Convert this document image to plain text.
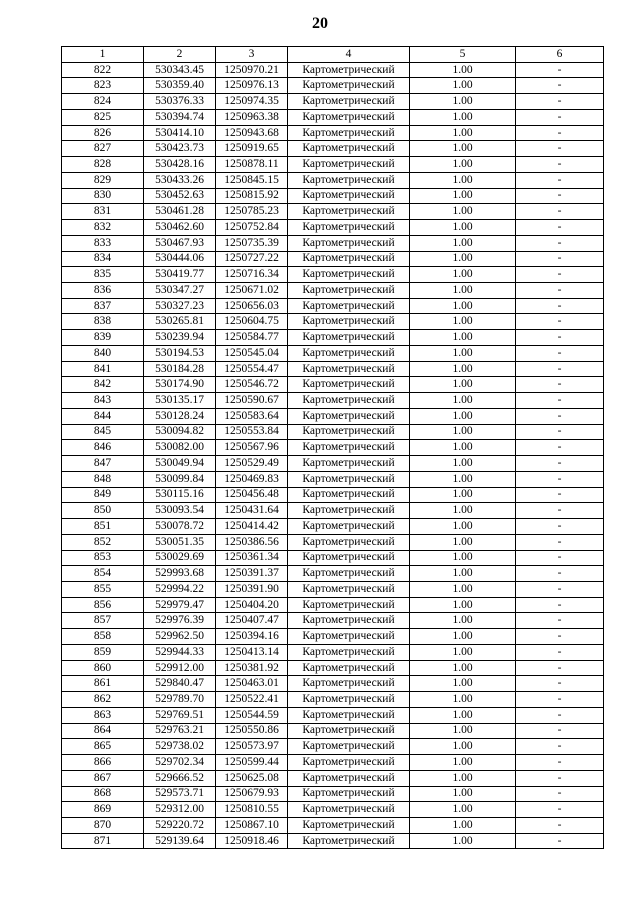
20
1	2	3	4	5	6
822	530343.45	1250970.21	Картометрический	1.00	-
823	530359.40	1250976.13	Картометрический	1.00	-
824	530376.33	1250974.35	Картометрический	1.00	-
825	530394.74	1250963.38	Картометрический	1.00	-
826	530414.10	1250943.68	Картометрический	1.00	-
827	530423.73	1250919.65	Картометрический	1.00	-
828	530428.16	1250878.11	Картометрический	1.00	-
829	530433.26	1250845.15	Картометрический	1.00	-
830	530452.63	1250815.92	Картометрический	1.00	-
831	530461.28	1250785.23	Картометрический	1.00	-
832	530462.60	1250752.84	Картометрический	1.00	-
833	530467.93	1250735.39	Картометрический	1.00	-
834	530444.06	1250727.22	Картометрический	1.00	-
835	530419.77	1250716.34	Картометрический	1.00	-
836	530347.27	1250671.02	Картометрический	1.00	-
837	530327.23	1250656.03	Картометрический	1.00	-
838	530265.81	1250604.75	Картометрический	1.00	-
839	530239.94	1250584.77	Картометрический	1.00	-
840	530194.53	1250545.04	Картометрический	1.00	-
841	530184.28	1250554.47	Картометрический	1.00	-
842	530174.90	1250546.72	Картометрический	1.00	-
843	530135.17	1250590.67	Картометрический	1.00	-
844	530128.24	1250583.64	Картометрический	1.00	-
845	530094.82	1250553.84	Картометрический	1.00	-
846	530082.00	1250567.96	Картометрический	1.00	-
847	530049.94	1250529.49	Картометрический	1.00	-
848	530099.84	1250469.83	Картометрический	1.00	-
849	530115.16	1250456.48	Картометрический	1.00	-
850	530093.54	1250431.64	Картометрический	1.00	-
851	530078.72	1250414.42	Картометрический	1.00	-
852	530051.35	1250386.56	Картометрический	1.00	-
853	530029.69	1250361.34	Картометрический	1.00	-
854	529993.68	1250391.37	Картометрический	1.00	-
855	529994.22	1250391.90	Картометрический	1.00	-
856	529979.47	1250404.20	Картометрический	1.00	-
857	529976.39	1250407.47	Картометрический	1.00	-
858	529962.50	1250394.16	Картометрический	1.00	-
859	529944.33	1250413.14	Картометрический	1.00	-
860	529912.00	1250381.92	Картометрический	1.00	-
861	529840.47	1250463.01	Картометрический	1.00	-
862	529789.70	1250522.41	Картометрический	1.00	-
863	529769.51	1250544.59	Картометрический	1.00	-
864	529763.21	1250550.86	Картометрический	1.00	-
865	529738.02	1250573.97	Картометрический	1.00	-
866	529702.34	1250599.44	Картометрический	1.00	-
867	529666.52	1250625.08	Картометрический	1.00	-
868	529573.71	1250679.93	Картометрический	1.00	-
869	529312.00	1250810.55	Картометрический	1.00	-
870	529220.72	1250867.10	Картометрический	1.00	-
871	529139.64	1250918.46	Картометрический	1.00	-
